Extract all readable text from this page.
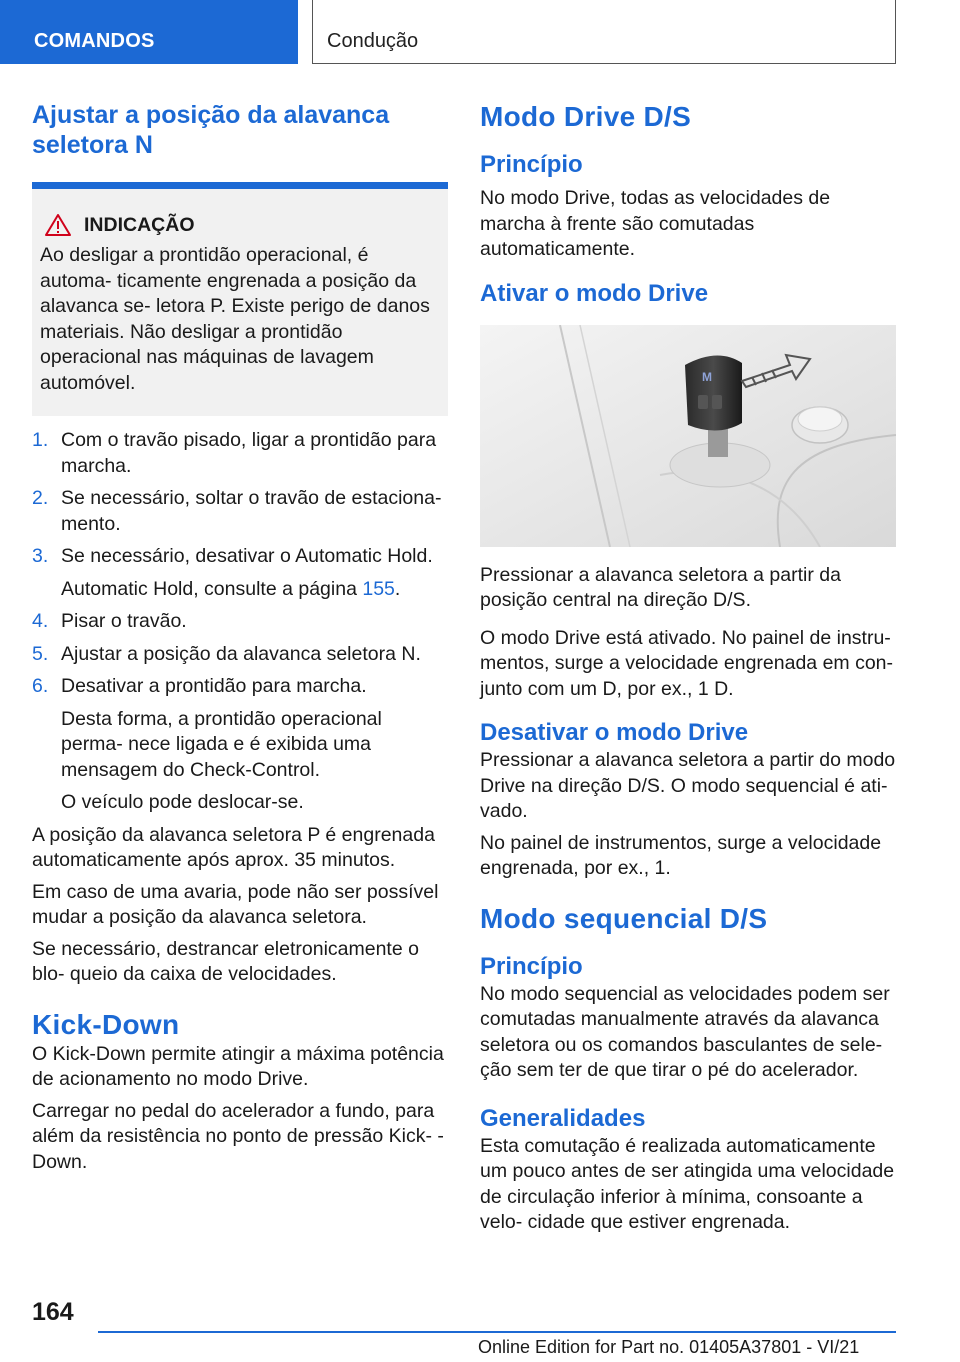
COMANDOS	Condução
Ajustar a posição da alavanca seletora N
INDICAÇÃO

Ao desligar a prontidão operacional, é automa- ticamente engrenada a posição da alavanca se- letora P. Existe perigo de danos materiais. Não desligar a prontidão operacional nas máquinas de lavagem automóvel.

1. Com o travão pisado, ligar a prontidão para marcha.
2. Se necessário, soltar o travão de estaciona- mento.
3. Se necessário, desativar o Automatic Hold.
Automatic Hold, consulte a página 155.
4. Pisar o travão.
5. Ajustar a posição da alavanca seletora N.
6. Desativar a prontidão para marcha.
Desta forma, a prontidão operacional perma- nece ligada e é exibida uma mensagem do Check-Control.
O veículo pode deslocar-se.

A posição da alavanca seletora P é engrenada automaticamente após aprox. 35 minutos.

Em caso de uma avaria, pode não ser possível mudar a posição da alavanca seletora.

Se necessário, destrancar eletronicamente o blo- queio da caixa de velocidades.

Kick-Down

O Kick-Down permite atingir a máxima potência de acionamento no modo Drive.

Carregar no pedal do acelerador a fundo, para além da resistência no ponto de pressão Kick- -Down.

Modo Drive D/S
Princípio

No modo Drive, todas as velocidades de marcha à frente são comutadas automaticamente.

Ativar o modo Drive
M

Pressionar a alavanca seletora a partir da posição central na direção D/S.

O modo Drive está ativado. No painel de instru- mentos, surge a velocidade engrenada em con- junto com um D, por ex., 1 D.

Desativar o modo Drive

Pressionar a alavanca seletora a partir do modo Drive na direção D/S. O modo sequencial é ati- vado.

No painel de instrumentos, surge a velocidade engrenada, por ex., 1.

Modo sequencial D/S
Princípio

No modo sequencial as velocidades podem ser comutadas manualmente através da alavanca seletora ou os comandos basculantes de sele- ção sem ter de que tirar o pé do acelerador.

Generalidades

Esta comutação é realizada automaticamente um pouco antes de ser atingida uma velocidade de circulação inferior à mínima, consoante a velo- cidade que estiver engrenada.

164
Online Edition for Part no. 01405A37801 - VI/21
